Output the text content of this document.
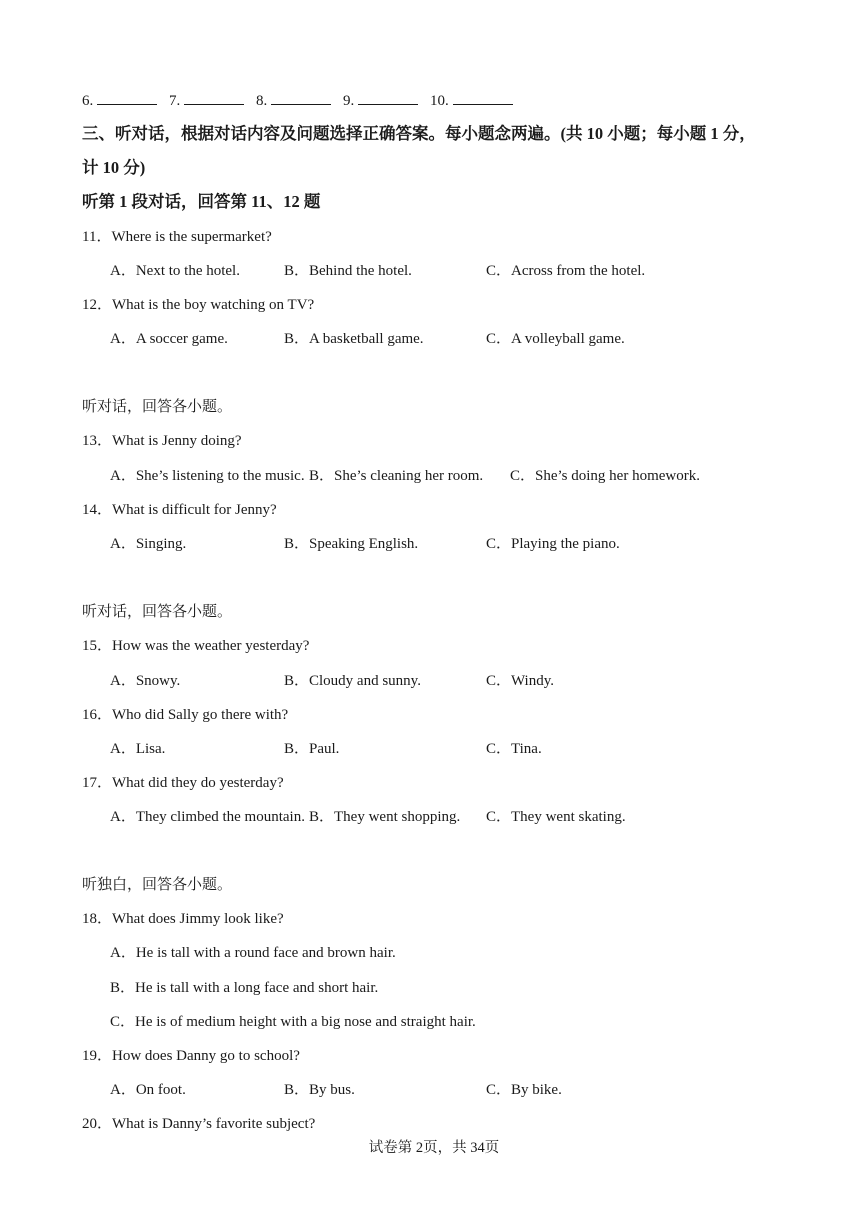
6.	7.	8.	9.	10.
三、听对话，根据对话内容及问题选择正确答案。每小题念两遍。(共 10 小题；每小题 1 分，
计 10 分)
听第 1 段对话，回答第 11、12 题
11．Where is the supermarket?
A．Next to the hotel.	B．Behind the hotel.	C．Across from the hotel.
12．What is the boy watching on TV?
A．A soccer game.	B．A basketball game.	C．A volleyball game.
听对话，回答各小题。
13．What is Jenny doing?
A．She’s listening to the music. B．She’s cleaning her room. C．She’s doing her homework.
14．What is difficult for Jenny?
A．Singing.	B．Speaking English.	C．Playing the piano.
听对话，回答各小题。
15．How was the weather yesterday?
A．Snowy.	B．Cloudy and sunny.	C．Windy.
16．Who did Sally go there with?
A．Lisa.	B．Paul.	C．Tina.
17．What did they do yesterday?
A．They climbed the mountain. B．They went shopping. C．They went skating.
听独白，回答各小题。
18．What does Jimmy look like?
A．He is tall with a round face and brown hair.
B．He is tall with a long face and short hair.
C．He is of medium height with a big nose and straight hair.
19．How does Danny go to school?
A．On foot.	B．By bus.	C．By bike.
20．What is Danny’s favorite subject?
试卷第 2页，共 34页
